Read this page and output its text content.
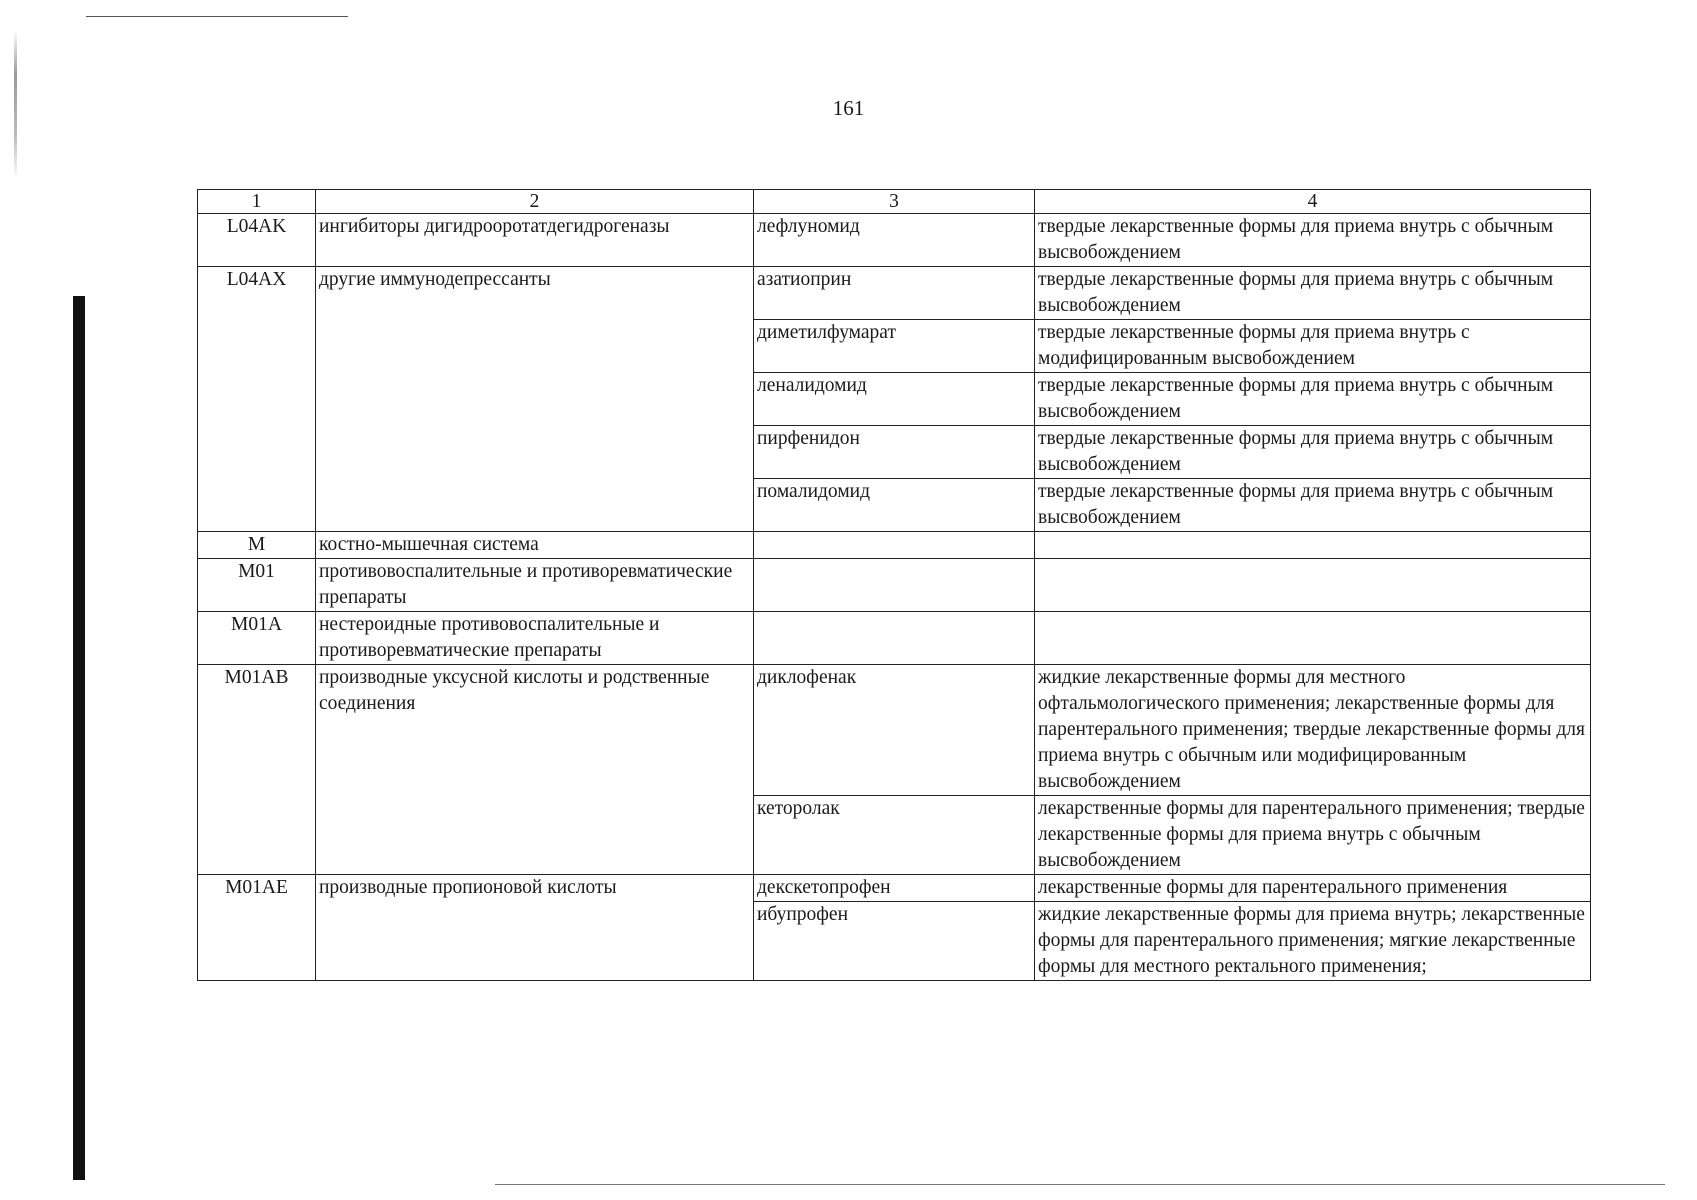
161
1	2	3	4
L04AK	ингибиторы дигидрооротатдегидрогеназы	лефлуномид	твердые лекарственные формы для приема внутрь с обычным высвобождением
L04AX	другие иммунодепрессанты	азатиоприн	твердые лекарственные формы для приема внутрь с обычным высвобождением
		диметилфумарат	твердые лекарственные формы для приема внутрь с модифицированным высвобождением
		леналидомид	твердые лекарственные формы для приема внутрь с обычным высвобождением
		пирфенидон	твердые лекарственные формы для приема внутрь с обычным высвобождением
		помалидомид	твердые лекарственные формы для приема внутрь с обычным высвобождением
M	костно-мышечная система		
M01	противовоспалительные и противоревматические препараты		
M01A	нестероидные противовоспалительные и противоревматические препараты		
M01AB	производные уксусной кислоты и родственные соединения	диклофенак	жидкие лекарственные формы для местного офтальмологического применения; лекарственные формы для парентерального применения; твердые лекарственные формы для приема внутрь с обычным или модифицированным высвобождением
		кеторолак	лекарственные формы для парентерального применения; твердые лекарственные формы для приема внутрь с обычным высвобождением
M01AE	производные пропионовой кислоты	декскетопрофен	лекарственные формы для парентерального применения
		ибупрофен	жидкие лекарственные формы для приема внутрь; лекарственные формы для парентерального применения; мягкие лекарственные формы для местного ректального применения;
